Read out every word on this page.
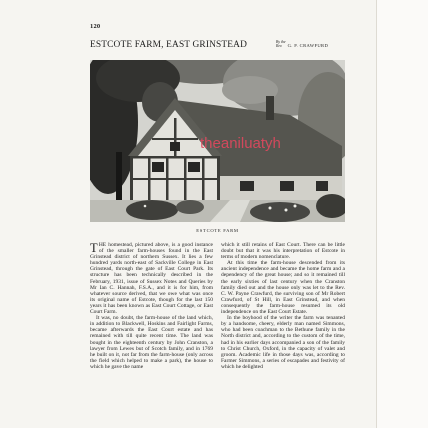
120
ESTCOTE FARM, EAST GRINSTEAD	By the
Rev.	G. P. CRAWFURD
theaniluatyh
ESTCOTE FARM

THE homestead, pictured above, is a good instance of the smaller farm-houses found in the East Grinstead district of northern Sussex. It lies a few hundred yards north-east of Sackville College in East Grinstead, through the gate of East Court Park. Its structure has been technically described in the February, 1931, issue of Sussex Notes and Queries by Mr Ian C. Hannah, F.S.A., and it is for him, from whatever source derived, that we owe what was once its original name of Estcote, though for the last 150 years it has been known as East Court Cottage, or East Court Farm.

It was, no doubt, the farm-house of the land which, in addition to Blackwell, Hoskins and Fairlight Farms, became afterwards the East Court estate and has remained with till quite recent time. The land was bought in the eighteenth century by John Cranston, a lawyer from Lewes but of Scotch family, and in 1769 he built on it, not far from the farm-house (only across the field which helped to make a park), the house to which he gave the name

which it still retains of East Court. There can be little doubt but that it was his interpretation of Estcote in terms of modern nomenclature.

At this time the farm-house descended from its ancient independence and became the home farm and a dependency of the great house; and so it remained till the early sixties of last century when the Cranston family died out and the house only was let to the Rev. C. W. Payne Crawfurd, the surviving son of Mr Robert Crawfurd, of St Hill, in East Grinstead, and when consequently the farm-house resumed its old independence on the East Court Estate.

In the boyhood of the writer the farm was tenanted by a handsome, cheery, elderly man named Simmons, who had been coachman to the Bethune family in the North district and, according to the custom of the time, had in his earlier days accompanied a son of the family to Christ Church, Oxford, in the capacity of valet and groom. Academic life in those days was, according to Farmer Simmons, a series of escapades and festivity of which he delighted
